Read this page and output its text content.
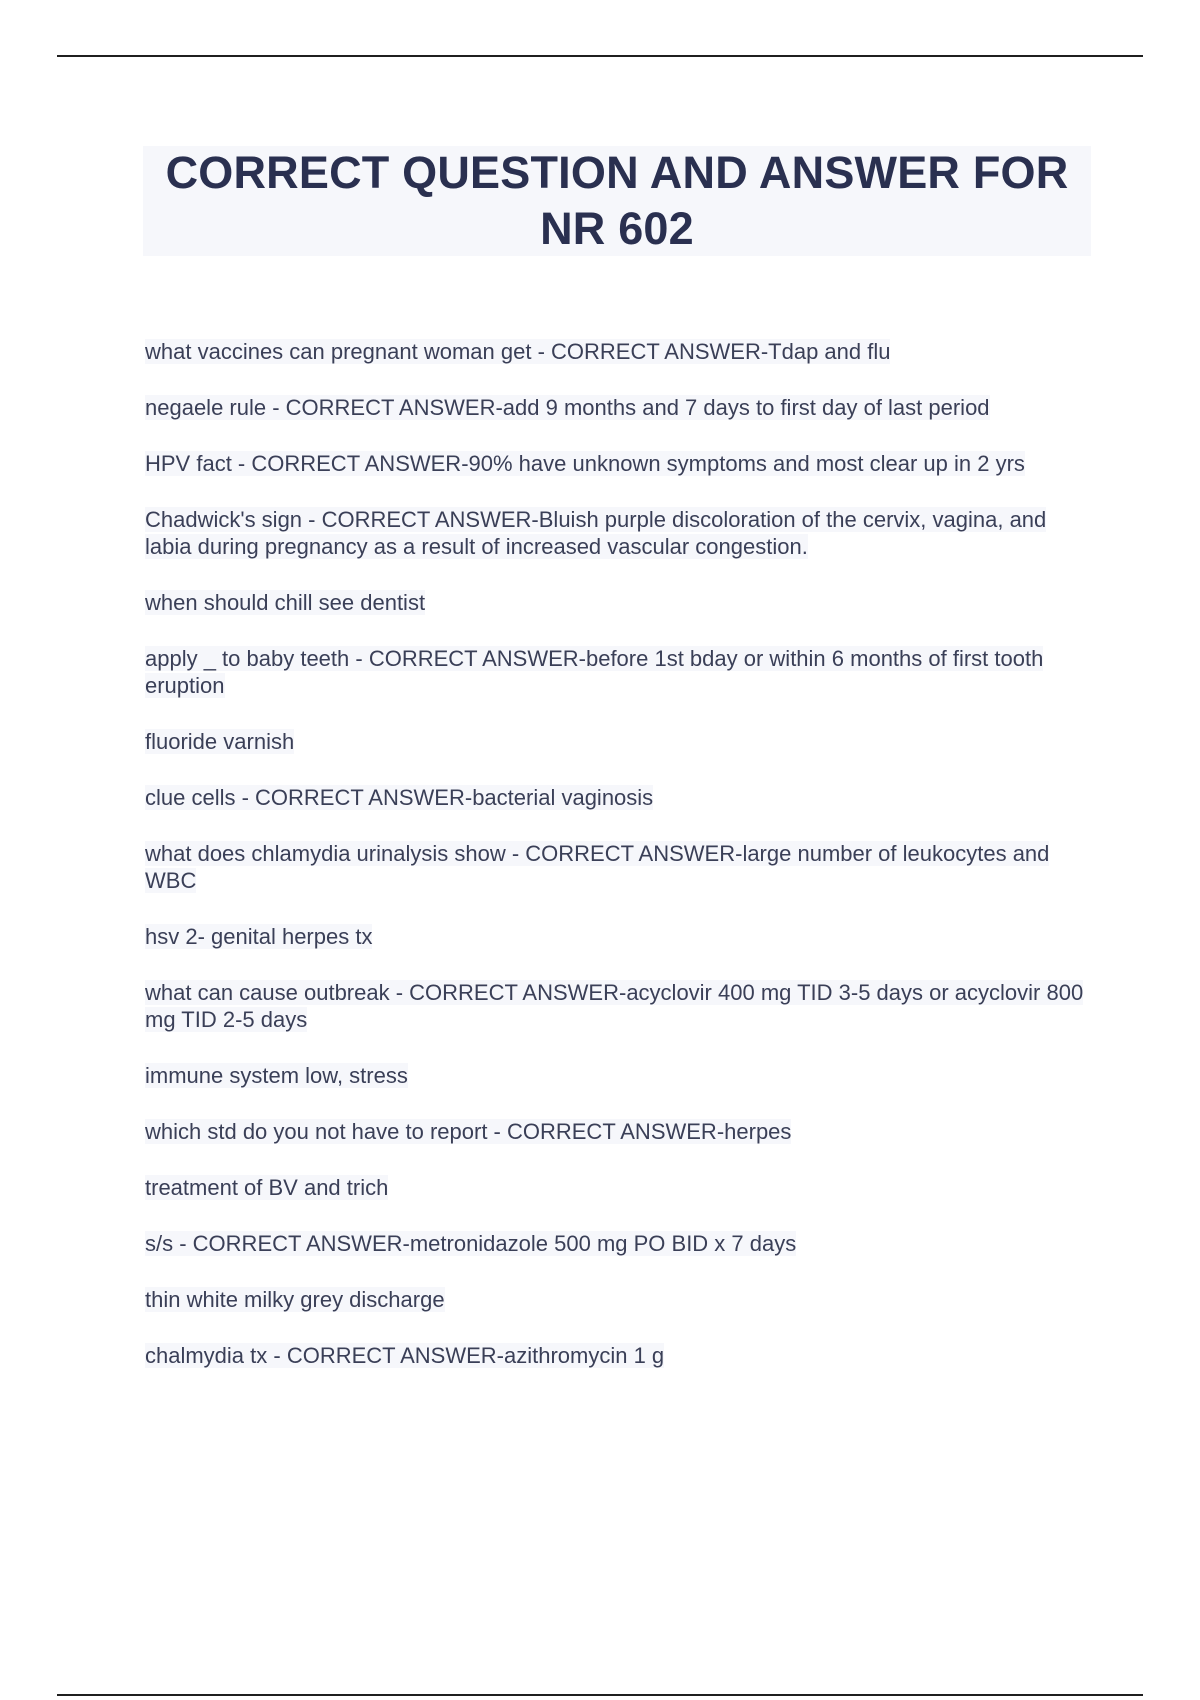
CORRECT QUESTION AND ANSWER FOR NR 602
what vaccines can pregnant woman get - CORRECT ANSWER-Tdap and flu
negaele rule - CORRECT ANSWER-add 9 months and 7 days to first day of last period
HPV fact - CORRECT ANSWER-90% have unknown symptoms and most clear up in 2 yrs
Chadwick's sign - CORRECT ANSWER-Bluish purple discoloration of the cervix, vagina, and labia during pregnancy as a result of increased vascular congestion.
when should chill see dentist
apply _ to baby teeth - CORRECT ANSWER-before 1st bday or within 6 months of first tooth eruption
fluoride varnish
clue cells - CORRECT ANSWER-bacterial vaginosis
what does chlamydia urinalysis show - CORRECT ANSWER-large number of leukocytes and WBC
hsv 2- genital herpes tx
what can cause outbreak - CORRECT ANSWER-acyclovir 400 mg TID 3-5 days or acyclovir 800 mg TID 2-5 days
immune system low, stress
which std do you not have to report - CORRECT ANSWER-herpes
treatment of BV and trich
s/s - CORRECT ANSWER-metronidazole 500 mg PO BID x 7 days
thin white milky grey discharge
chalmydia tx - CORRECT ANSWER-azithromycin 1 g
